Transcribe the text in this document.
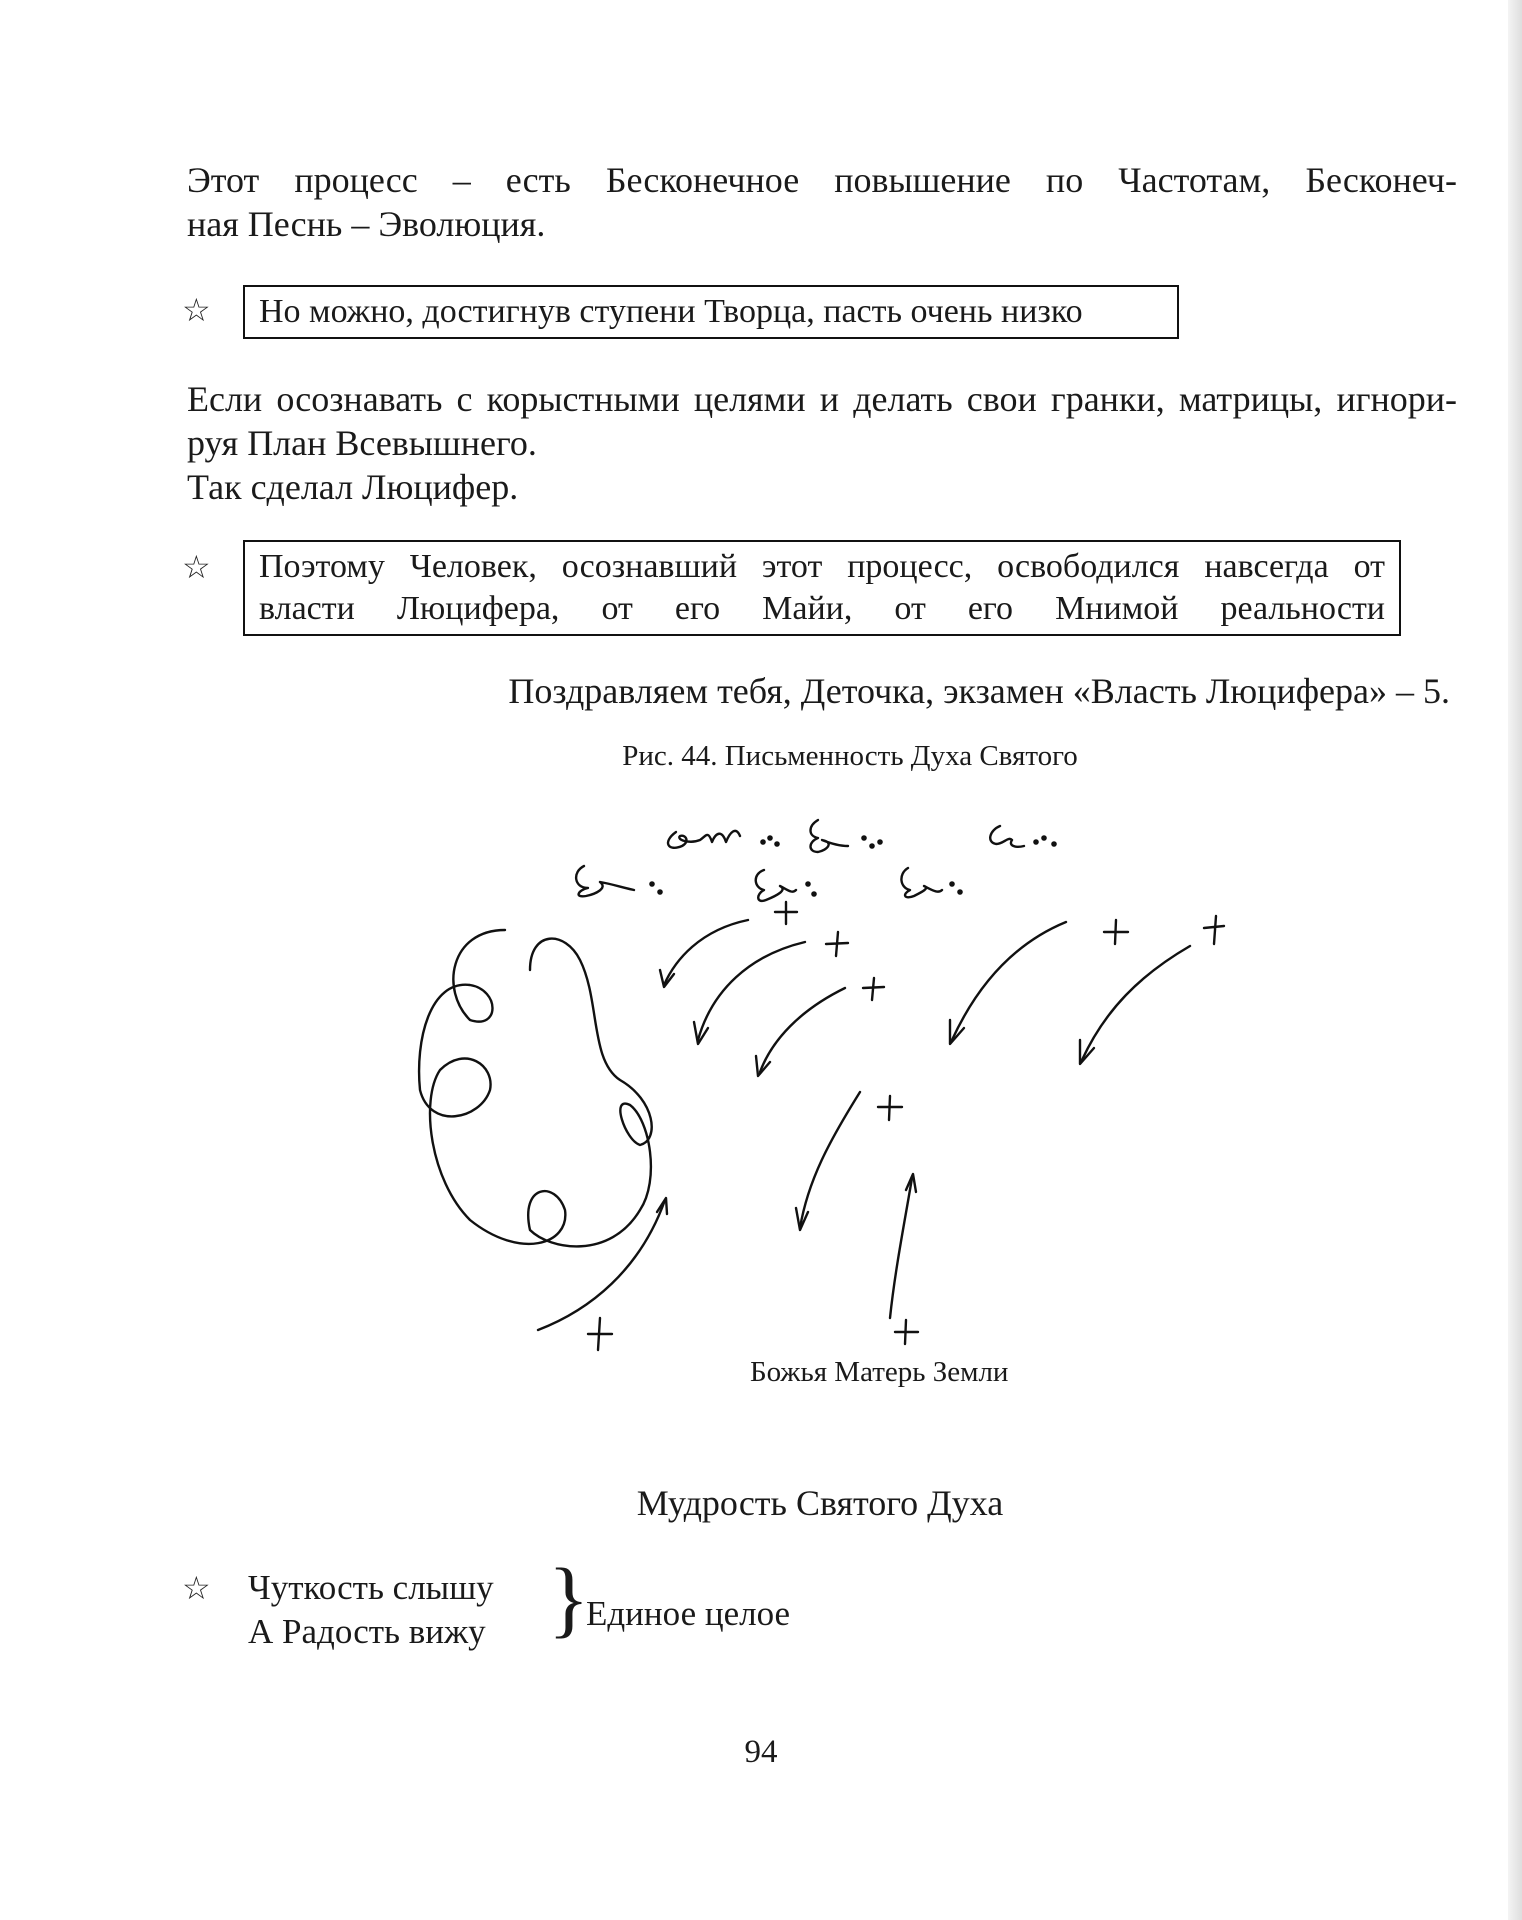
Этот процесс – есть Бесконечное повышение по Частотам, Бесконеч-
ная Песнь – Эволюция.

☆	Но можно, достигнув ступени Творца, пасть очень низко

Если осознавать с корыстными целями и делать свои гранки, матрицы, игнори-
руя План Всевышнего.
Так сделал Люцифер.

☆ Поэтому Человек, осознавший этот процесс, освободился навсегда от
власти Люцифера, от его Майи, от его Мнимой реальности

Поздравляем тебя, Деточка, экзамен «Власть Люцифера» – 5.

Рис. 44. Письменность Духа Святого

Божья Матерь Земли

Мудрость Святого Духа

☆ Чуткость слышу
А Радость вижу }
Единое целое

94
